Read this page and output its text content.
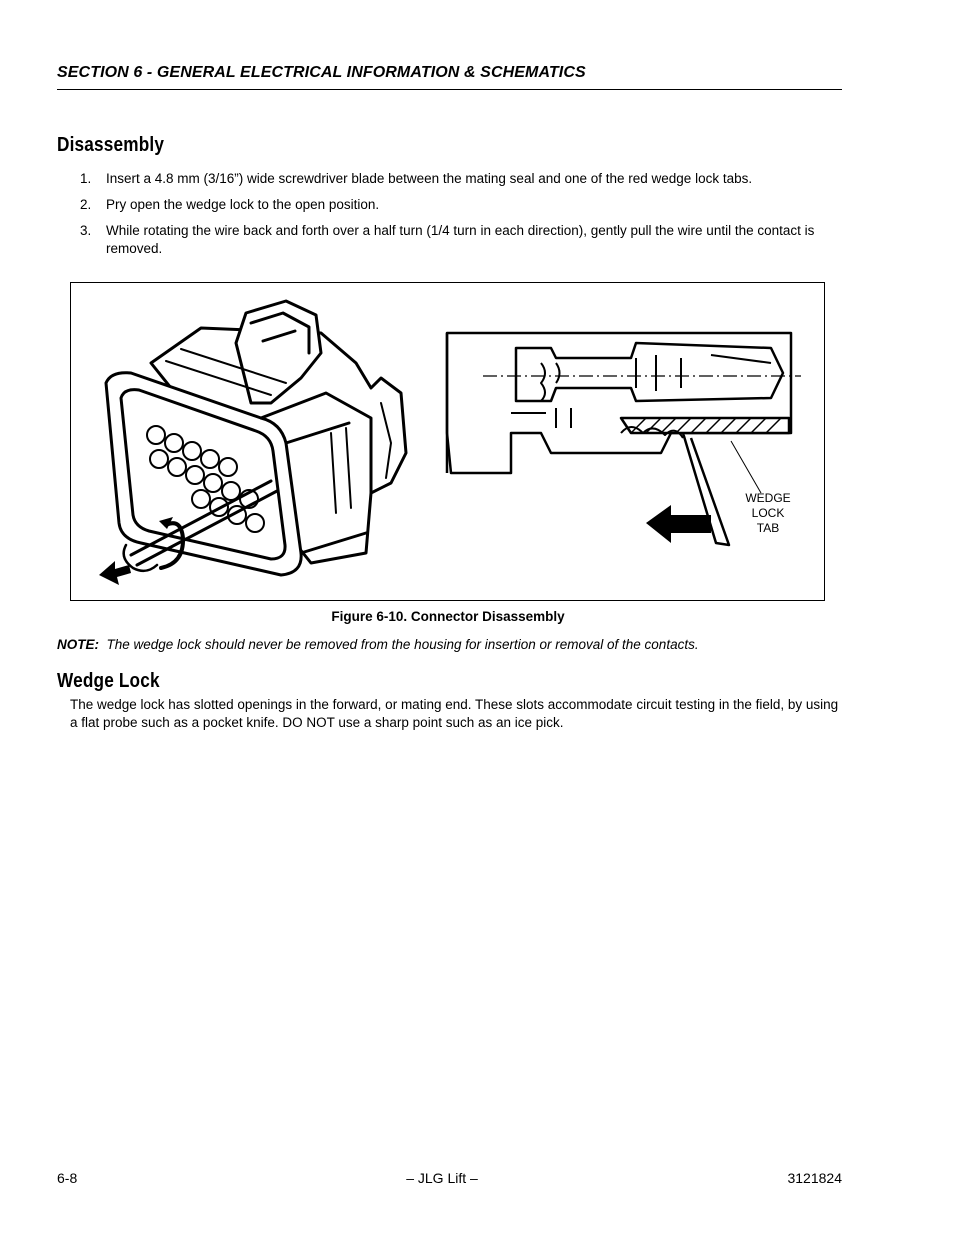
SECTION 6 - GENERAL ELECTRICAL INFORMATION & SCHEMATICS
Disassembly
1. Insert a 4.8 mm (3/16”) wide screwdriver blade between the mating seal and one of the red wedge lock tabs.
2. Pry open the wedge lock to the open position.
3. While rotating the wire back and forth over a half turn (1/4 turn in each direction), gently pull the wire until the contact is removed.
WEDGE
LOCK
TAB
Figure 6-10. Connector Disassembly
NOTE: The wedge lock should never be removed from the housing for insertion or removal of the contacts.
Wedge Lock
The wedge lock has slotted openings in the forward, or mating end. These slots accommodate circuit testing in the field, by using a flat probe such as a pocket knife. DO NOT use a sharp point such as an ice pick.
6-8	– JLG Lift –	3121824
